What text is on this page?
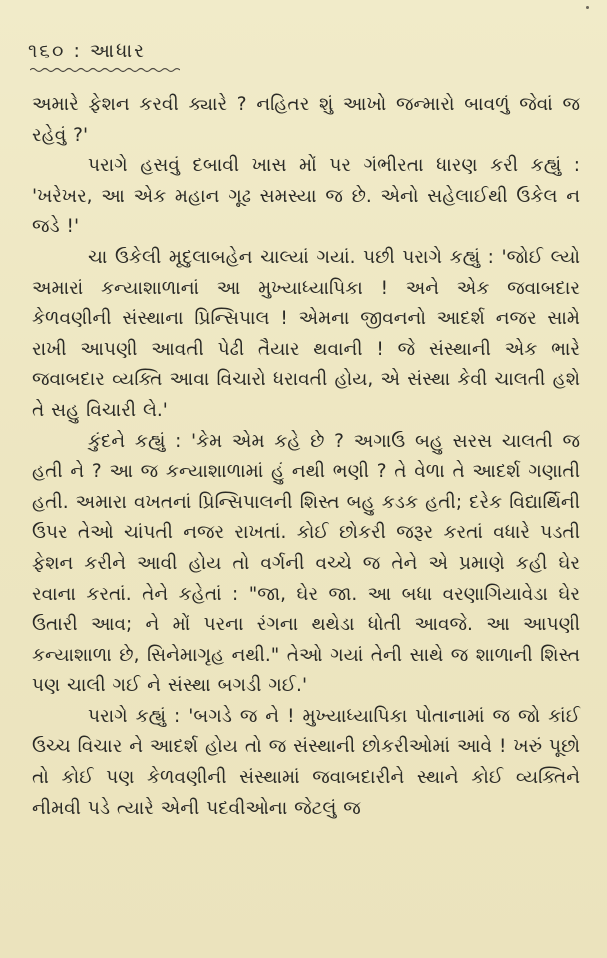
૧૬૦ : આધાર

અમારે ફેશન કરવી ક્યારે ? નહિતર શું આખો જન્મારો બાવળું જેવાં જ રહેવું ?'

પરાગે હસવું દબાવી ખાસ મોં પર ગંભીરતા ધારણ કરી કહ્યું : 'ખરેખર, આ એક મહાન ગૂઢ સમસ્યા જ છે. એનો સહેલાઈથી ઉકેલ ન જડે !'

ચા ઉકેલી મૃદુલાબહેન ચાલ્યાં ગયાં. પછી પરાગે કહ્યું : 'જોઈ લ્યો અમારાં કન્યાશાળાનાં આ મુખ્યાધ્યાપિકા ! અને એક જવાબદાર કેળવણીની સંસ્થાના પ્રિન્સિપાલ ! એમના જીવનનો આદર્શ નજર સામે રાખી આપણી આવતી પેઢી તૈયાર થવાની ! જે સંસ્થાની એક ભારે જવાબદાર વ્યક્તિ આવા વિચારો ધરાવતી હોય, એ સંસ્થા કેવી ચાલતી હશે તે સહુ વિચારી લે.'

કુંદને કહ્યું : 'કેમ એમ કહે છે ? અગાઉ બહુ સરસ ચાલતી જ હતી ને ? આ જ કન્યાશાળામાં હું નથી ભણી ? તે વેળા તે આદર્શ ગણાતી હતી. અમારા વખતનાં પ્રિન્સિપાલની શિસ્ત બહુ કડક હતી; દરેક વિદ્યાર્થિની ઉપર તેઓ ચાંપતી નજર રાખતાં. કોઈ છોકરી જરૂર કરતાં વધારે પડતી ફેશન કરીને આવી હોય તો વર્ગની વચ્ચે જ તેને એ પ્રમાણે કહી ઘેર રવાના કરતાં. તેને કહેતાં : "જા, ઘેર જા. આ બધા વરણાગિયાવેડા ઘેર ઉતારી આવ; ને મોં પરના રંગના થથેડા ધોતી આવજે. આ આપણી કન્યાશાળા છે, સિનેમાગૃહ નથી." તેઓ ગયાં તેની સાથે જ શાળાની શિસ્ત પણ ચાલી ગઈ ને સંસ્થા બગડી ગઈ.'

પરાગે કહ્યું : 'બગડે જ ને ! મુખ્યાધ્યાપિકા પોતાનામાં જ જો કાંઈ ઉચ્ચ વિચાર ને આદર્શ હોય તો જ સંસ્થાની છોકરીઓમાં આવે ! ખરું પૂછો તો કોઈ પણ કેળવણીની સંસ્થામાં જવાબદારીને સ્થાને કોઈ વ્યક્તિને નીમવી પડે ત્યારે એની પદવીઓના જેટલું જ
